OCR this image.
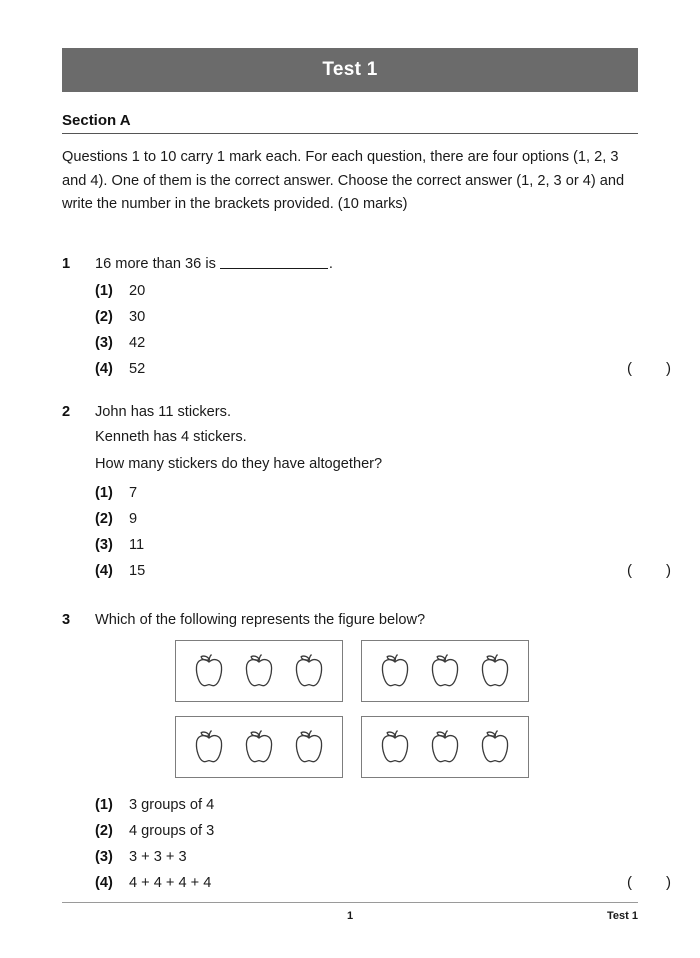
Test 1
Section A
Questions 1 to 10 carry 1 mark each. For each question, there are four options (1, 2, 3 and 4). One of them is the correct answer. Choose the correct answer (1, 2, 3 or 4) and write the number in the brackets provided. (10 marks)
1	16 more than 36 is	.
(1)	20
(2)	30
(3)	42
(4)	52	( )
2	John has 11 stickers.
Kenneth has 4 stickers.
How many stickers do they have altogether?
(1)	7
(2)	9
(3)	11
(4)	15	( )
3	Which of the following represents the figure below?
(1)	3 groups of 4
(2)	4 groups of 3
(3)	3 + 3 + 3
(4)	4 + 4 + 4 + 4	( )
1	Test 1
